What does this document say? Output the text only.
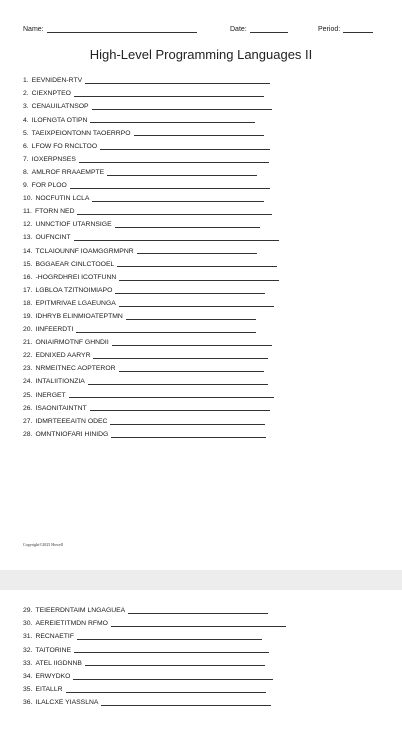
Name:	Date:	Period:
High-Level Programming Languages II
1. EEVNIDEN-RTV
2. CIEXNPTEO
3. CENAUILATNSOP
4. ILOFNGTA OTIPN
5. TAEIXPEIONTONN TAOERRPO
6. LFOW FO RNCLTOO
7. IOXERPNSES
8. AMLROF RRAAEMPTE
9. FOR PLOO
10. NOCFUTIN LCLA
11. FTORN NED
12. UNNCTIOF UTARNSIGE
13. OUFNCINT
14. TCLAIOUNNF IOAMGGRMPNR
15. BGGAEAR CINLCTOOEL
16. -HOGRDHREI ICOTFUNN
17. LGBLOA TZITNOIMIAPO
18. EPITMRIVAE LGAEUNGA
19. IDHRYB ELINMIOATEPTMN
20. IINFEERDTI
21. ONIAIRMOTNF GHNDII
22. EDNIXED AARYR
23. NRMEITNEC AOPTEROR
24. INTALIITIONZIA
25. INERGET
26. ISAONITAINTNT
27. IDMRTEEEAITN ODEC
28. OMNTNIOFARI HINIDG
Copyright©2025 Howell
29. TEIEERDNTAIM LNGAGUEA
30. AEREIETITMDN RFMO
31. RECNAETIF
32. TAITORINE
33. ATEL IIGDNNB
34. ERWYDKO
35. EITALLR
36. ILALCXE YIASSLNA
